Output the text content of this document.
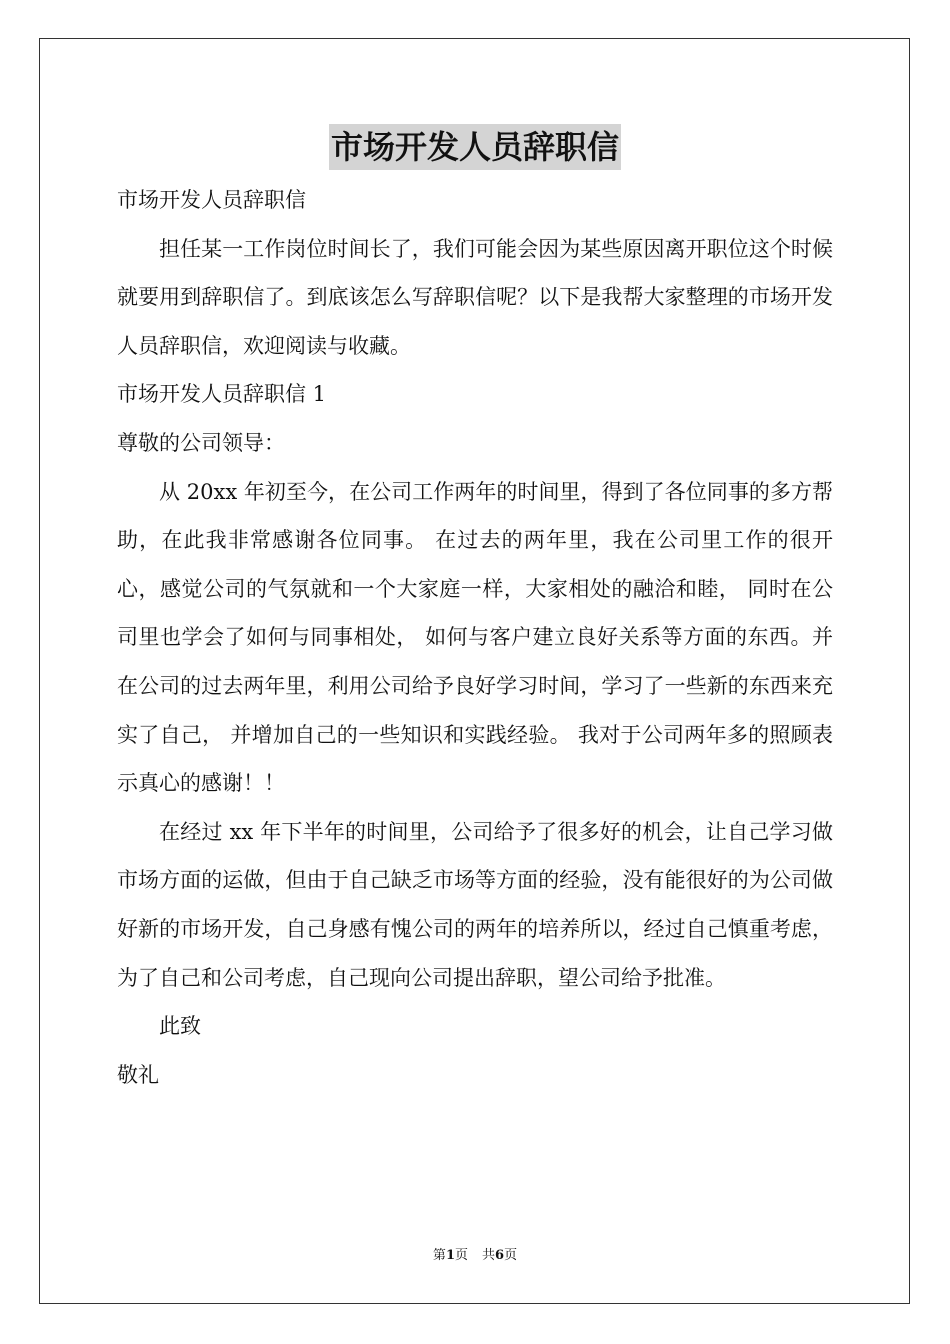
市场开发人员辞职信

市场开发人员辞职信

担任某一工作岗位时间长了，我们可能会因为某些原因离开职位这个时候就要用到辞职信了。到底该怎么写辞职信呢？以下是我帮大家整理的市场开发人员辞职信，欢迎阅读与收藏。

市场开发人员辞职信 1

尊敬的公司领导：

从 20xx 年初至今，在公司工作两年的时间里，得到了各位同事的多方帮助，在此我非常感谢各位同事。 在过去的两年里，我在公司里工作的很开心，感觉公司的气氛就和一个大家庭一样，大家相处的融洽和睦， 同时在公司里也学会了如何与同事相处， 如何与客户建立良好关系等方面的东西。并在公司的过去两年里，利用公司给予良好学习时间，学习了一些新的东西来充 实了自己， 并增加自己的一些知识和实践经验。 我对于公司两年多的照顾表示真心的感谢！！

在经过 xx 年下半年的时间里，公司给予了很多好的机会，让自己学习做市场方面的运做，但由于自己缺乏市场等方面的经验，没有能很好的为公司做好新的市场开发，自己身感有愧公司的两年的培养所以，经过自己慎重考虑，为了自己和公司考虑，自己现向公司提出辞职，望公司给予批准。

此致

敬礼

第1页 共6页
